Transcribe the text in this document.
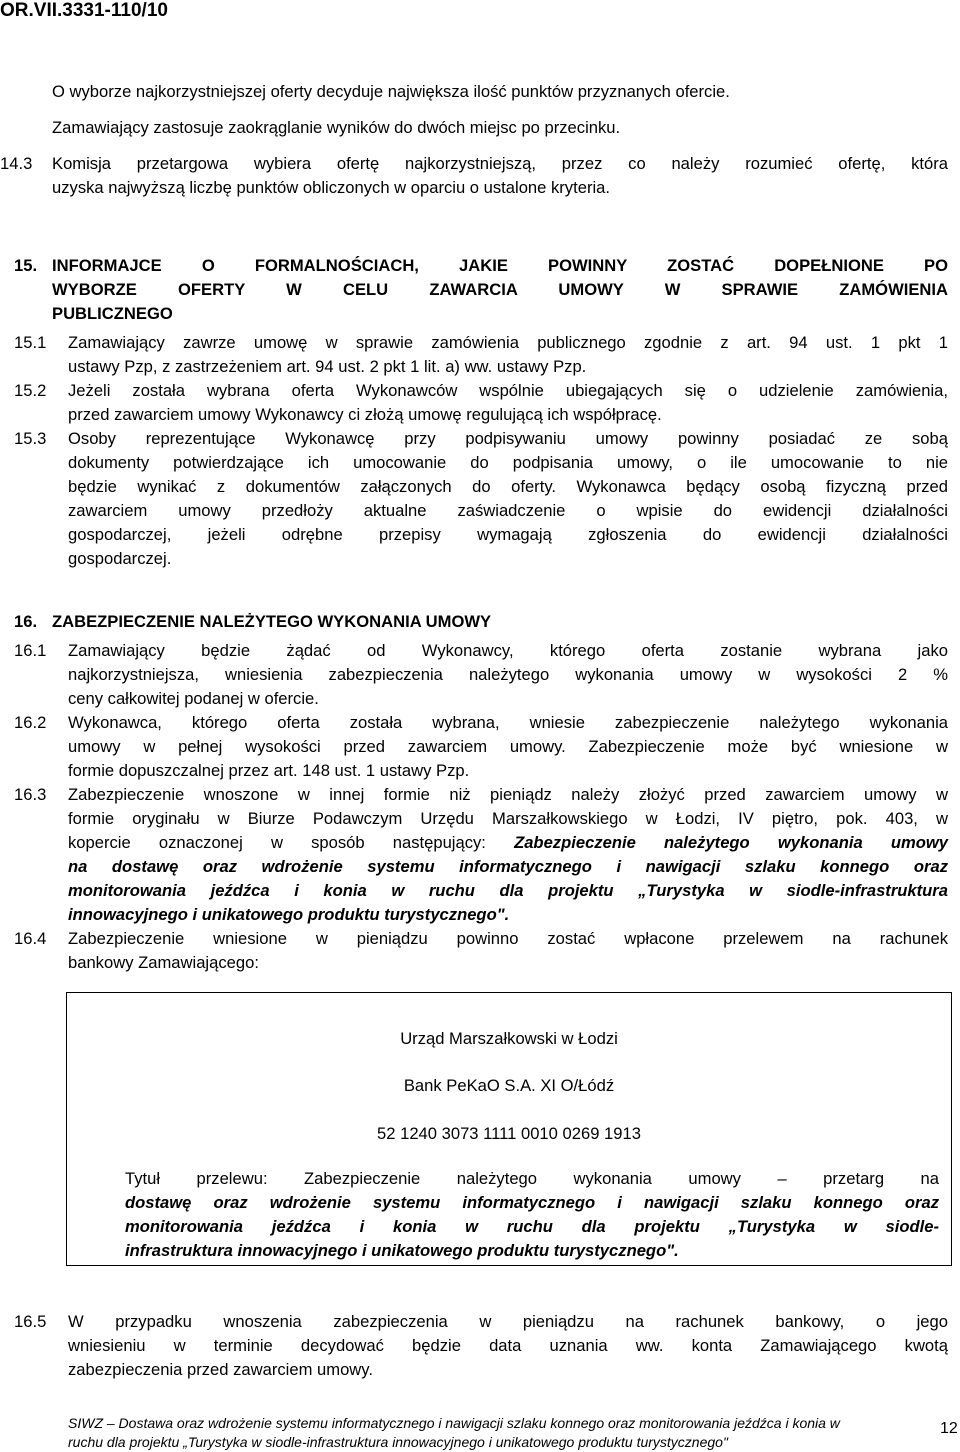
OR.VII.3331-110/10
O wyborze najkorzystniejszej oferty decyduje największa ilość punktów przyznanych ofercie.
Zamawiający zastosuje zaokrąglanie wyników do dwóch miejsc po przecinku.
14.3 Komisja przetargowa wybiera ofertę najkorzystniejszą, przez co należy rozumieć ofertę, która
uzyska najwyższą liczbę punktów obliczonych w oparciu o ustalone kryteria.
15. INFORMAJCE O FORMALNOŚCIACH, JAKIE POWINNY ZOSTAĆ DOPEŁNIONE PO
WYBORZE OFERTY W CELU ZAWARCIA UMOWY W SPRAWIE ZAMÓWIENIA
PUBLICZNEGO
15.1 Zamawiający zawrze umowę w sprawie zamówienia publicznego zgodnie z art. 94 ust. 1 pkt 1
ustawy Pzp, z zastrzeżeniem art. 94 ust. 2 pkt 1 lit. a) ww. ustawy Pzp.
15.2 Jeżeli została wybrana oferta Wykonawców wspólnie ubiegających się o udzielenie zamówienia,
przed zawarciem umowy Wykonawcy ci złożą umowę regulującą ich współpracę.
15.3 Osoby reprezentujące Wykonawcę przy podpisywaniu umowy powinny posiadać ze sobą
dokumenty potwierdzające ich umocowanie do podpisania umowy, o ile umocowanie to nie
będzie wynikać z dokumentów załączonych do oferty. Wykonawca będący osobą fizyczną przed
zawarciem umowy przedłoży aktualne zaświadczenie o wpisie do ewidencji działalności
gospodarczej, jeżeli odrębne przepisy wymagają zgłoszenia do ewidencji działalności
gospodarczej.
16. ZABEZPIECZENIE NALEŻYTEGO WYKONANIA UMOWY
16.1 Zamawiający będzie żądać od Wykonawcy, którego oferta zostanie wybrana jako
najkorzystniejsza, wniesienia zabezpieczenia należytego wykonania umowy w wysokości 2 %
ceny całkowitej podanej w ofercie.
16.2 Wykonawca, którego oferta została wybrana, wniesie zabezpieczenie należytego wykonania
umowy w pełnej wysokości przed zawarciem umowy. Zabezpieczenie może być wniesione w
formie dopuszczalnej przez art. 148 ust. 1 ustawy Pzp.
16.3 Zabezpieczenie wnoszone w innej formie niż pieniądz należy złożyć przed zawarciem umowy w
formie oryginału w Biurze Podawczym Urzędu Marszałkowskiego w Łodzi, IV piętro, pok. 403, w
kopercie oznaczonej w sposób następujący: Zabezpieczenie należytego wykonania umowy
na dostawę oraz wdrożenie systemu informatycznego i nawigacji szlaku konnego oraz
monitorowania jeźdźca i konia w ruchu dla projektu „Turystyka w siodle-infrastruktura
innowacyjnego i unikatowego produktu turystycznego".
16.4 Zabezpieczenie wniesione w pieniądzu powinno zostać wpłacone przelewem na rachunek
bankowy Zamawiającego:
Urząd Marszałkowski w Łodzi
Bank PeKaO S.A. XI O/Łódź
52 1240 3073 1111 0010 0269 1913
Tytuł przelewu: Zabezpieczenie należytego wykonania umowy – przetarg na
dostawę oraz wdrożenie systemu informatycznego i nawigacji szlaku konnego oraz
monitorowania jeźdźca i konia w ruchu dla projektu „Turystyka w siodle-
infrastruktura innowacyjnego i unikatowego produktu turystycznego".
16.5 W przypadku wnoszenia zabezpieczenia w pieniądzu na rachunek bankowy, o jego
wniesieniu w terminie decydować będzie data uznania ww. konta Zamawiającego kwotą
zabezpieczenia przed zawarciem umowy.
SIWZ – Dostawa oraz wdrożenie systemu informatycznego i nawigacji szlaku konnego oraz monitorowania jeźdźca i konia w
ruchu dla projektu „Turystyka w siodle-infrastruktura innowacyjnego i unikatowego produktu turystycznego"
12
